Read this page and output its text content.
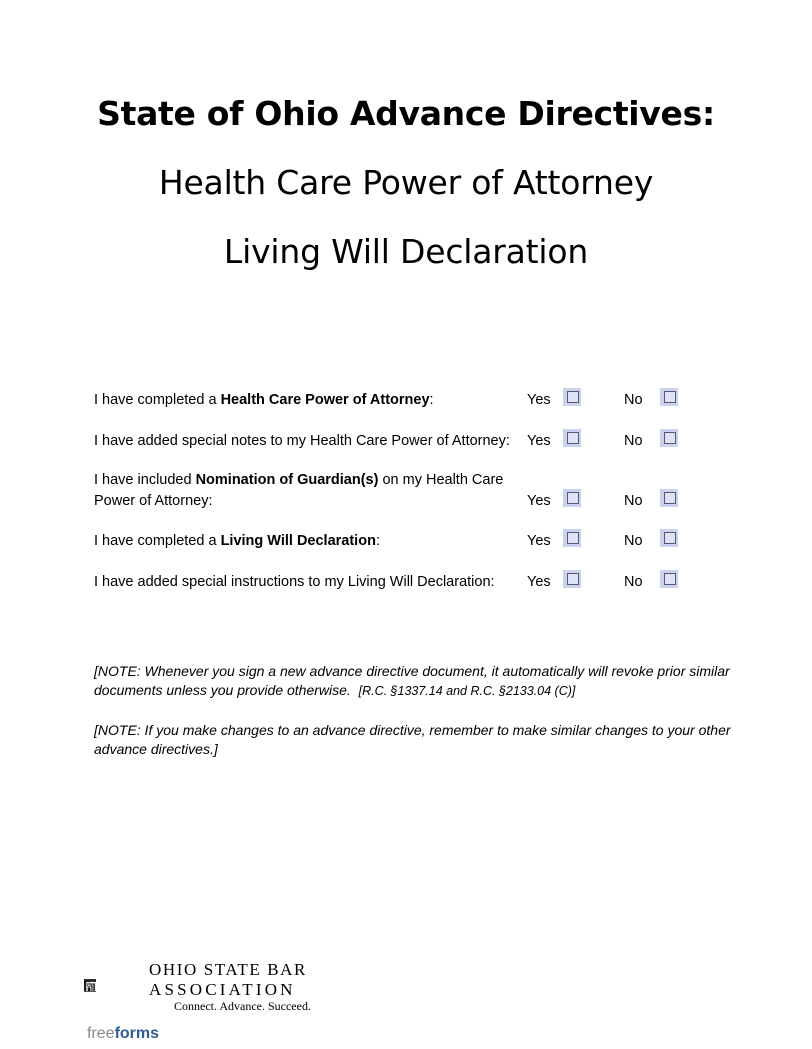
State of Ohio Advance Directives:
Health Care Power of Attorney
Living Will Declaration
I have completed a Health Care Power of Attorney:	Yes	No
I have added special notes to my Health Care Power of Attorney: Yes	No
I have included Nomination of Guardian(s) on my Health Care
Power of Attorney:	Yes	No
I have completed a Living Will Declaration:	Yes	No
I have added special instructions to my Living Will Declaration: Yes	No
[NOTE: Whenever you sign a new advance directive document, it automatically will revoke prior similar
documents unless you provide otherwise. [R.C. §1337.14 and R.C. §2133.04 (C)]
[NOTE: If you make changes to an advance directive, remember to make similar changes to your other
advance directives.]
OHIO STATE BAR
ASSOCIATION
Connect. Advance. Succeed.
freeforms
